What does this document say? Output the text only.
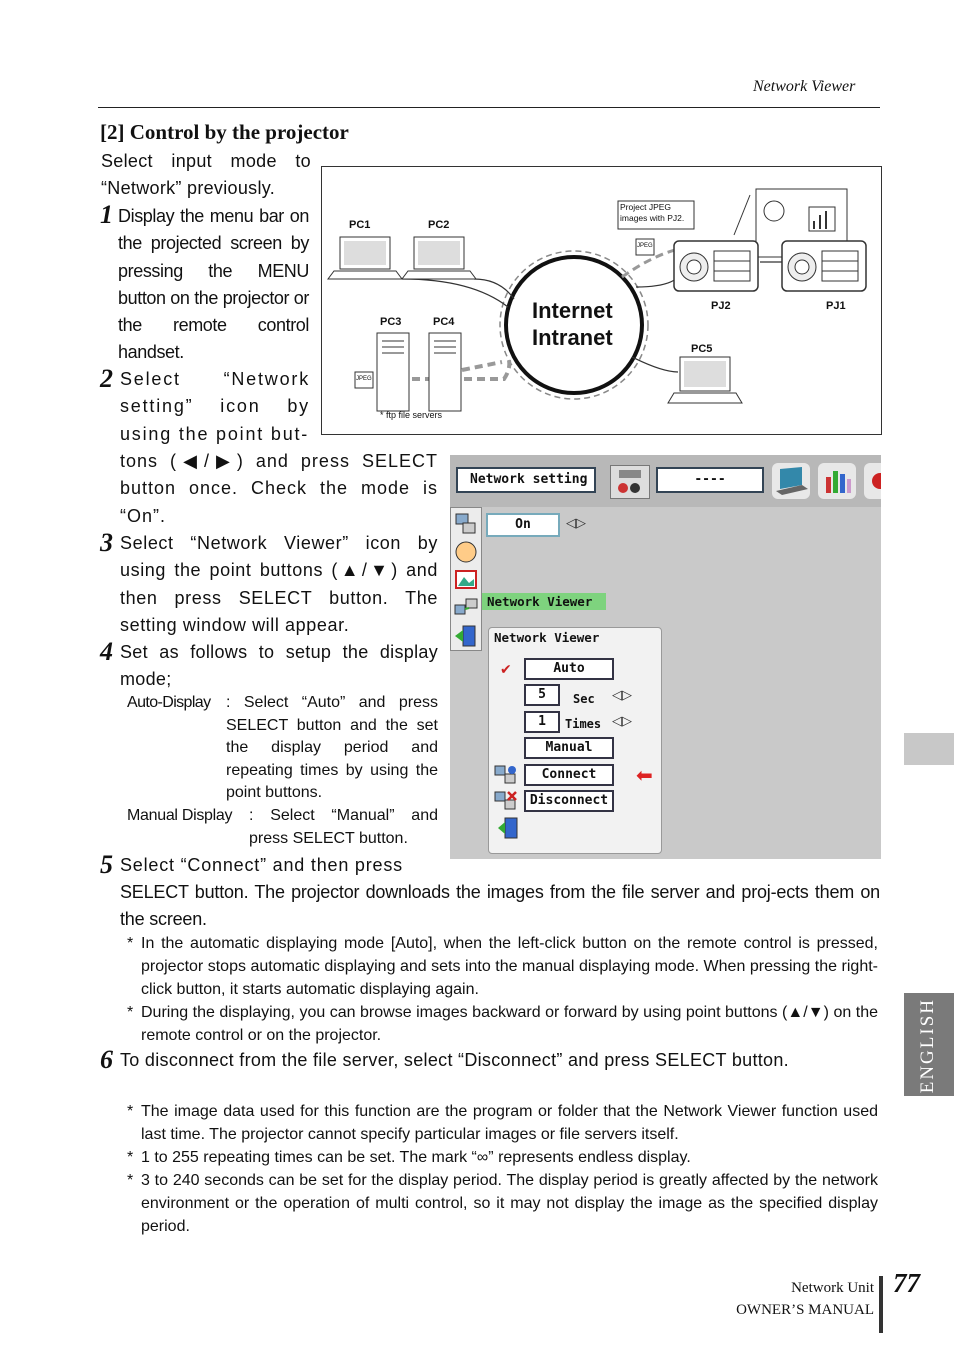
Network Viewer
[2] Control by the projector
Select input mode to “Network” previously.
1 Display the menu bar on the projected screen by pressing the MENU button on the projector or the remote control handset.
2 Select “Network setting” icon by using the point but-
tons (◀/▶) and press SELECT button once. Check the mode is “On”.
3 Select “Network Viewer” icon by using the point buttons (▲/▼) and then press SELECT button. The setting window will appear.
4 Set as follows to setup the display mode;
Auto-Display : Select “Auto” and press SELECT button and the set the display period and repeating times by using the point buttons.
Manual Display	: Select “Manual” and press SELECT button.
5 Select “Connect” and then press
SELECT button. The projector downloads the images from the file server and proj-ects them on the screen.
* In the automatic displaying mode [Auto], when the left-click button on the remote control is pressed, projector stops automatic displaying and sets into the manual displaying mode. When pressing the right-click button, it starts automatic displaying again.
* During the displaying, you can browse images backward or forward by using point buttons (▲/▼) on the remote control or on the projector.
6 To disconnect from the file server, select “Disconnect” and press SELECT button.
* The image data used for this function are the program or folder that the Network Viewer function used last time. The projector cannot specify particular images or file servers itself.
* 1 to 255 repeating times can be set. The mark “∞” represents endless display.
* 3 to 240 seconds can be set for the display period. The display period is greatly affected by the network environment or the operation of multi control, so it may not display the image as the specified display period.
PC1	PC2
PC3	PC4
PC5
PJ2	PJ1
Internet
Intranet
Project JPEG images with PJ2.
JPEG
JPEG
* ftp file servers
Network setting	----
On	◁▷
Network Viewer
Network Viewer
✔	Auto
5	Sec ◁▷
1	Times ◁▷
Manual
Connect	⬅
Disconnect
ENGLISH
Network Unit
OWNER’S MANUAL
77
